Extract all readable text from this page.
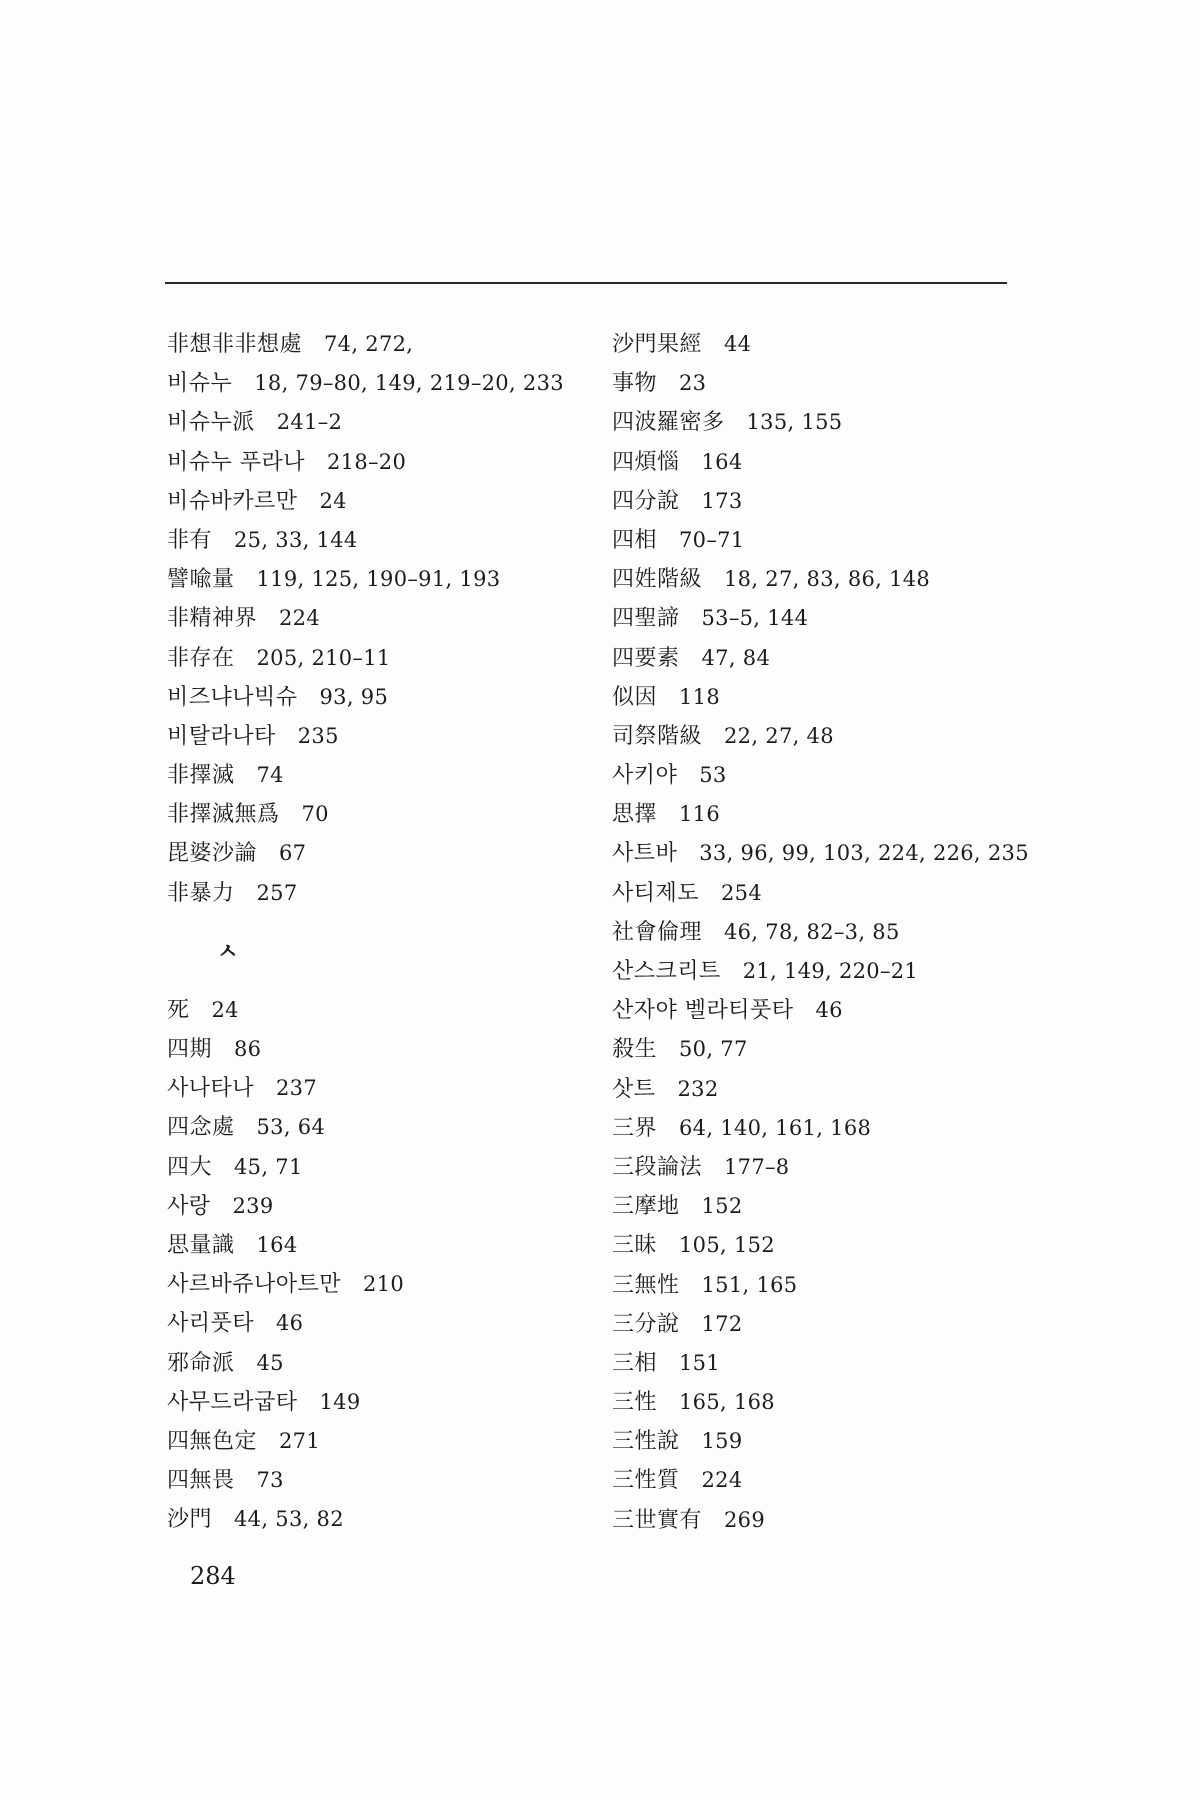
非想非非想處 74, 272,
비슈누 18, 79–80, 149, 219–20, 233
비슈누派 241–2
비슈누 푸라나 218–20
비슈바카르만 24
非有 25, 33, 144
譬喩量 119, 125, 190–91, 193
非精神界 224
非存在 205, 210–11
비즈냐나빅슈 93, 95
비탈라나타 235
非擇滅 74
非擇滅無爲 70
毘婆沙論 67
非暴力 257
ㅅ
死 24
四期 86
사나타나 237
四念處 53, 64
四大 45, 71
사랑 239
思量識 164
사르바쥬나아트만 210
사리풋타 46
邪命派 45
사무드라굽타 149
四無色定 271
四無畏 73
沙門 44, 53, 82
沙門果經 44
事物 23
四波羅密多 135, 155
四煩惱 164
四分說 173
四相 70–71
四姓階級 18, 27, 83, 86, 148
四聖諦 53–5, 144
四要素 47, 84
似因 118
司祭階級 22, 27, 48
사키야 53
思擇 116
사트바 33, 96, 99, 103, 224, 226, 235
사티제도 254
社會倫理 46, 78, 82–3, 85
산스크리트 21, 149, 220–21
산자야 벨라티풋타 46
殺生 50, 77
삿트 232
三界 64, 140, 161, 168
三段論法 177–8
三摩地 152
三昧 105, 152
三無性 151, 165
三分說 172
三相 151
三性 165, 168
三性說 159
三性質 224
三世實有 269
284
